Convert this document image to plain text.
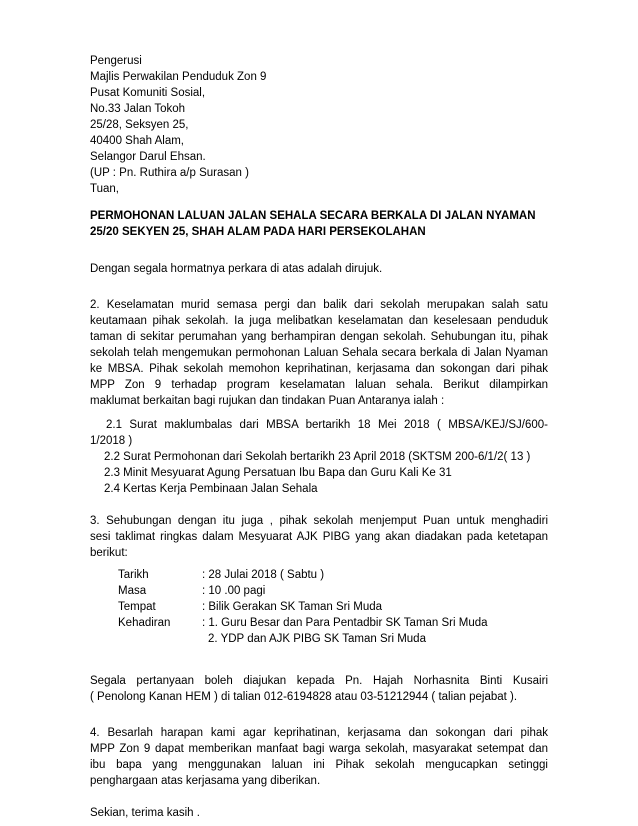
Pengerusi
Majlis Perwakilan Penduduk Zon 9
Pusat Komuniti Sosial,
No.33 Jalan Tokoh
25/28, Seksyen 25,
40400 Shah Alam,
Selangor Darul Ehsan.
(UP : Pn. Ruthira a/p Surasan )
Tuan,
PERMOHONAN LALUAN JALAN SEHALA SECARA BERKALA DI JALAN NYAMAN
25/20 SEKYEN 25, SHAH ALAM PADA HARI PERSEKOLAHAN
Dengan segala hormatnya perkara di atas adalah dirujuk.
2. Keselamatan murid semasa pergi dan balik dari sekolah merupakan salah satu
keutamaan pihak sekolah. Ia juga melibatkan keselamatan dan keselesaan penduduk
taman di sekitar perumahan yang berhampiran dengan sekolah. Sehubungan itu, pihak
sekolah telah mengemukan permohonan Laluan Sehala secara berkala di Jalan Nyaman
ke MBSA. Pihak sekolah memohon keprihatinan, kerjasama dan sokongan dari pihak
MPP Zon 9 terhadap program keselamatan laluan sehala. Berikut dilampirkan
maklumat berkaitan bagi rujukan dan tindakan Puan Antaranya ialah :
2.1 Surat maklumbalas dari MBSA bertarikh 18 Mei 2018 ( MBSA/KEJ/SJ/600-
1/2018 )
2.2 Surat Permohonan dari Sekolah bertarikh 23 April 2018 (SKTSM 200-6/1/2( 13 )
2.3 Minit Mesyuarat Agung Persatuan Ibu Bapa dan Guru Kali Ke 31
2.4 Kertas Kerja Pembinaan Jalan Sehala
3. Sehubungan dengan itu juga , pihak sekolah menjemput Puan untuk menghadiri
sesi taklimat ringkas dalam Mesyuarat AJK PIBG yang akan diadakan pada ketetapan
berikut:
Tarikh	: 28 Julai 2018 ( Sabtu )
Masa	: 10 .00 pagi
Tempat	: Bilik Gerakan SK Taman Sri Muda
Kehadiran	: 1. Guru Besar dan Para Pentadbir SK Taman Sri Muda
2. YDP dan AJK PIBG SK Taman Sri Muda
Segala pertanyaan boleh diajukan kepada Pn. Hajah Norhasnita Binti Kusairi
( Penolong Kanan HEM ) di talian 012-6194828 atau 03-51212944 ( talian pejabat ).
4. Besarlah harapan kami agar keprihatinan, kerjasama dan sokongan dari pihak
MPP Zon 9 dapat memberikan manfaat bagi warga sekolah, masyarakat setempat dan
ibu bapa yang menggunakan laluan ini Pihak sekolah mengucapkan setinggi
penghargaan atas kerjasama yang diberikan.
Sekian, terima kasih .
